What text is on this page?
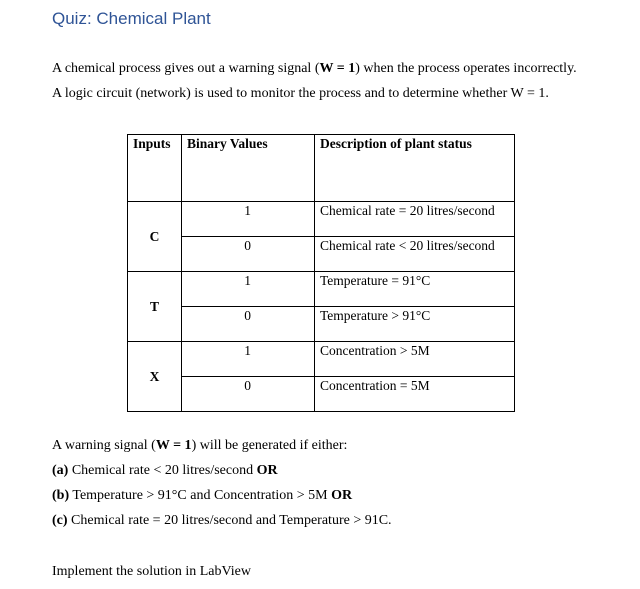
Quiz: Chemical Plant

A chemical process gives out a warning signal (W = 1) when the process operates incorrectly.

A logic circuit (network) is used to monitor the process and to determine whether W = 1.

Inputs	Binary Values	Description of plant status
C	1	Chemical rate = 20 litres/second
	0	Chemical rate < 20 litres/second
T	1	Temperature = 91°C
	0	Temperature > 91°C
X	1	Concentration > 5M
	0	Concentration = 5M
A warning signal (W = 1) will be generated if either:
(a) Chemical rate < 20 litres/second OR
(b) Temperature > 91°C and Concentration > 5M OR
(c) Chemical rate = 20 litres/second and Temperature > 91C.

Implement the solution in LabView
